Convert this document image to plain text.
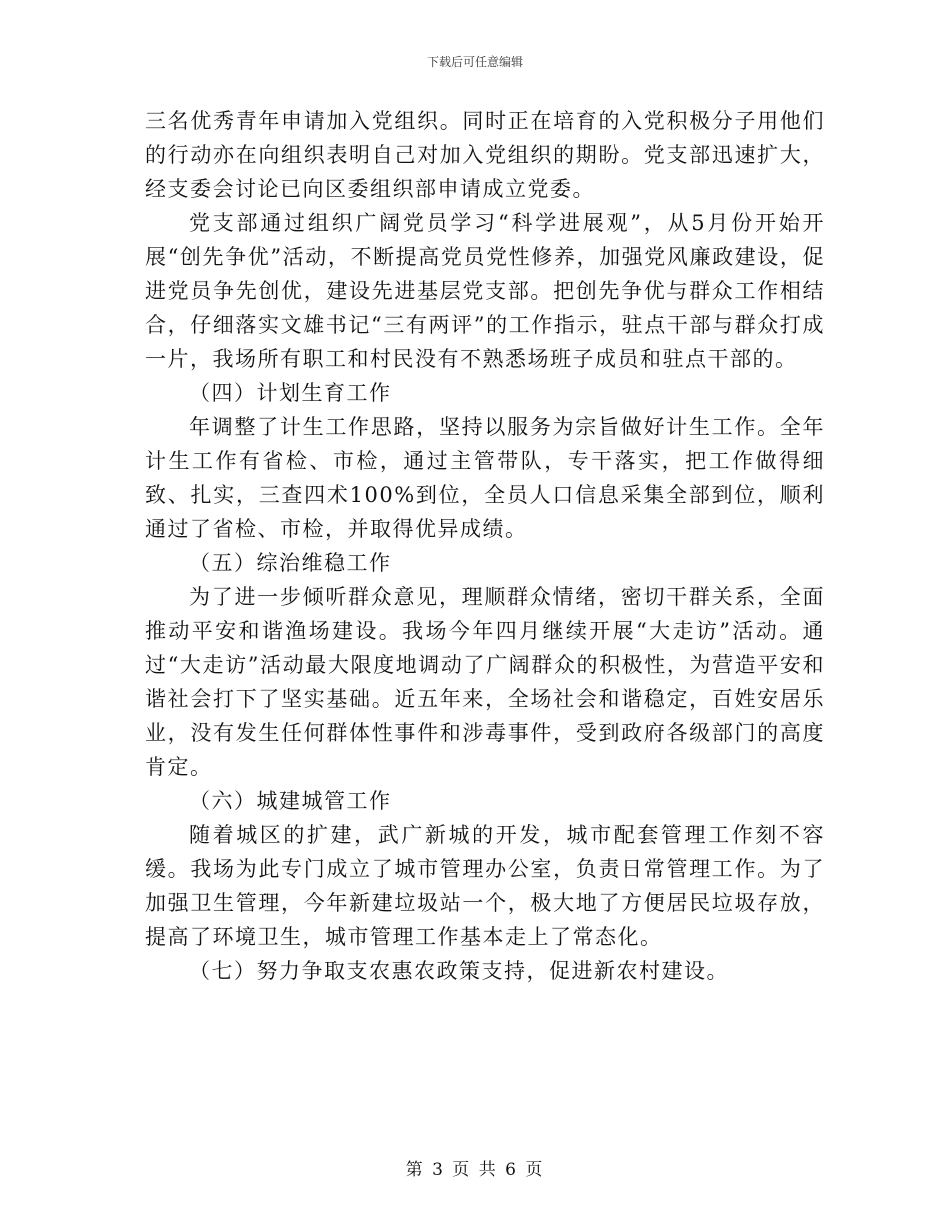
下载后可任意编辑

三名优秀青年申请加入党组织。同时正在培育的入党积极分子用他们的行动亦在向组织表明自己对加入党组织的期盼。党支部迅速扩大，经支委会讨论已向区委组织部申请成立党委。

党支部通过组织广阔党员学习“科学进展观”，从5月份开始开展“创先争优”活动，不断提高党员党性修养，加强党风廉政建设，促进党员争先创优，建设先进基层党支部。把创先争优与群众工作相结合，仔细落实文雄书记“三有两评”的工作指示，驻点干部与群众打成一片，我场所有职工和村民没有不熟悉场班子成员和驻点干部的。

（四）计划生育工作

年调整了计生工作思路，坚持以服务为宗旨做好计生工作。全年计生工作有省检、市检，通过主管带队，专干落实，把工作做得细致、扎实，三查四术100%到位，全员人口信息采集全部到位，顺利通过了省检、市检，并取得优异成绩。

（五）综治维稳工作

为了进一步倾听群众意见，理顺群众情绪，密切干群关系，全面推动平安和谐渔场建设。我场今年四月继续开展“大走访”活动。通过“大走访”活动最大限度地调动了广阔群众的积极性，为营造平安和谐社会打下了坚实基础。近五年来，全场社会和谐稳定，百姓安居乐业，没有发生任何群体性事件和涉毒事件，受到政府各级部门的高度肯定。

（六）城建城管工作

随着城区的扩建，武广新城的开发，城市配套管理工作刻不容缓。我场为此专门成立了城市管理办公室，负责日常管理工作。为了加强卫生管理，今年新建垃圾站一个，极大地了方便居民垃圾存放，提高了环境卫生，城市管理工作基本走上了常态化。

（七）努力争取支农惠农政策支持，促进新农村建设。

第 3 页 共 6 页
